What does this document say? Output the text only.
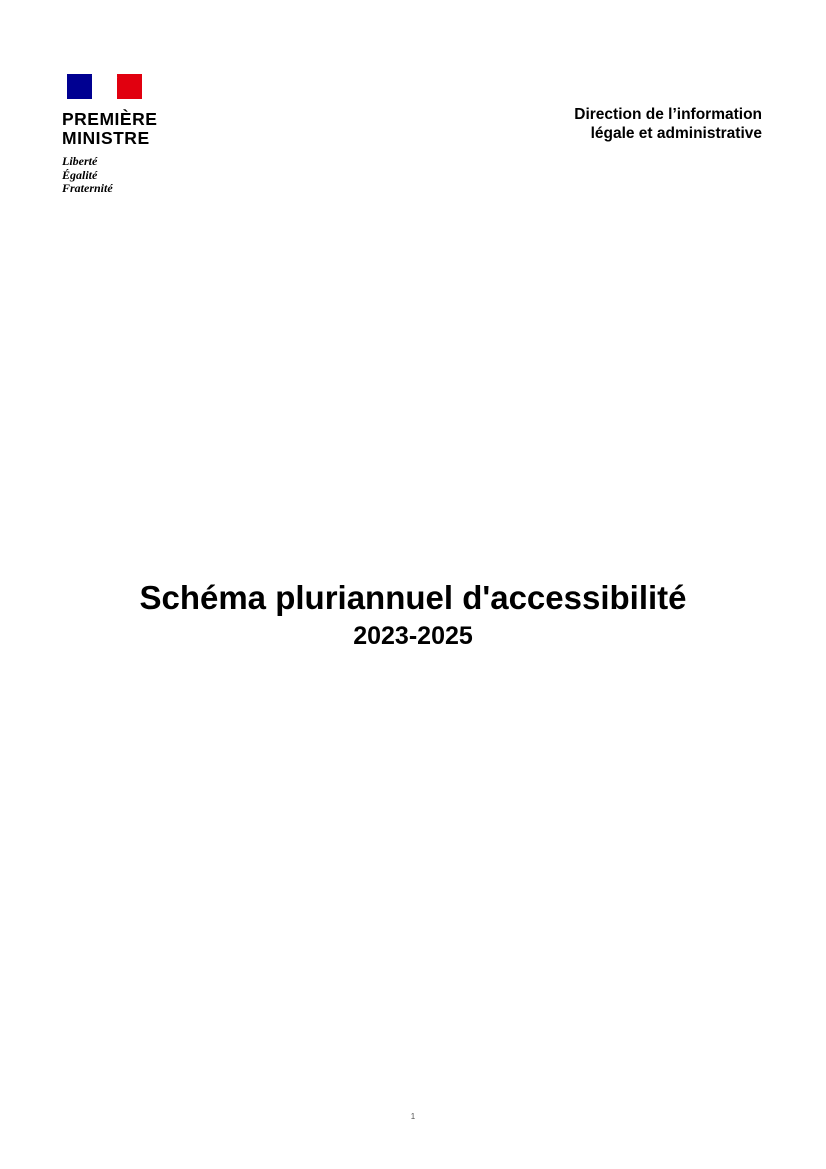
PREMIÈRE
MINISTRE
Liberté
Égalité
Fraternité
Direction de l’information
légale et administrative
Schéma pluriannuel d'accessibilité
2023-2025
1
